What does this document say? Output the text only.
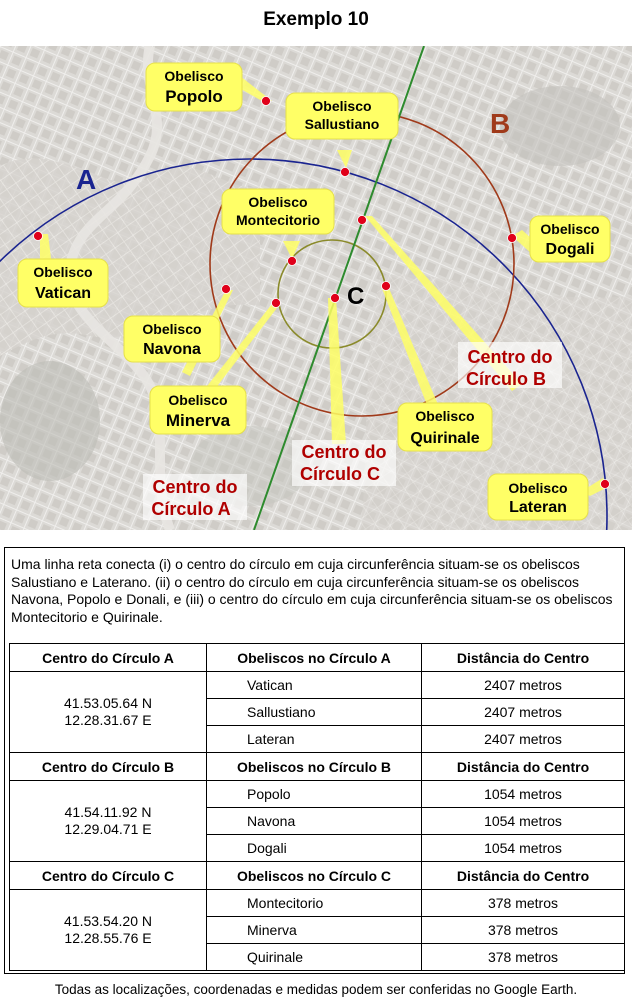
Exemplo 10
A
B
C
Obelisco
Popolo	Obelisco
Sallustiano
Obelisco
Montecitorio
Obelisco
Dogali
Obelisco
Vatican
Obelisco
Navona
Obelisco
Minerva	Obelisco
Quirinale
Obelisco
Lateran
Centro do
Círculo B
Centro do
Círculo C
Centro do
Círculo A
Uma linha reta conecta (i) o centro do círculo em cuja circunferência situam-se os obeliscos Salustiano e Laterano. (ii) o centro do círculo em cuja circunferência situam-se os obeliscos Navona, Popolo e Donali, e (iii) o centro do círculo em cuja circunferência situam-se os obeliscos Montecitorio e Quirinale.
Centro do Círculo A	Obeliscos no Círculo A	Distância do Centro

41.53.05.64 N
12.28.31.67 E	Vatican	2407 metros
	Sallustiano	2407 metros
	Lateran	2407 metros
Centro do Círculo B	Obeliscos no Círculo B	Distância do Centro

41.54.11.92 N
12.29.04.71 E	Popolo	1054 metros
	Navona	1054 metros
	Dogali	1054 metros
Centro do Círculo C	Obeliscos no Círculo C	Distância do Centro

41.53.54.20 N
12.28.55.76 E	Montecitorio	378 metros
	Minerva	378 metros
	Quirinale	378 metros
Todas as localizações, coordenadas e medidas podem ser conferidas no Google Earth.
